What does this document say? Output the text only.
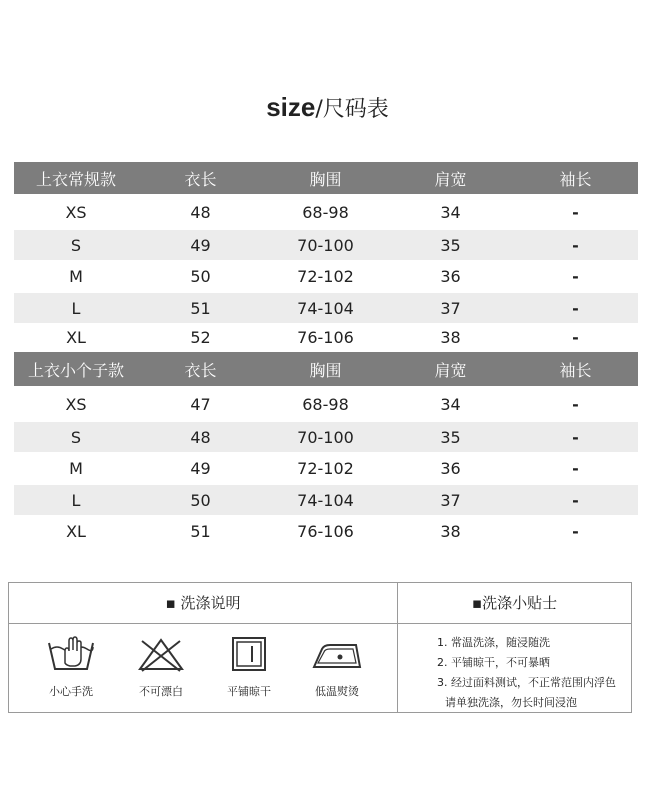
size/尺码表
上衣常规款	衣长	胸围	肩宽	袖长
XS	48	68-98	34	-
S	49	70-100	35	-
M	50	72-102	36	-
L	51	74-104	37	-
XL	52	76-106	38	-
上衣小个子款	衣长	胸围	肩宽	袖长
XS	47	68-98	34	-
S	48	70-100	35	-
M	49	72-102	36	-
L	50	74-104	37	-
XL	51	76-106	38	-
▪ 洗涤说明	▪洗涤小贴士
小心手洗	不可漂白	平铺晾干	低温熨烫
1. 常温洗涤，随浸随洗
2. 平铺晾干，不可暴晒
3. 经过面料测试，不正常范围内浮色
请单独洗涤，勿长时间浸泡
